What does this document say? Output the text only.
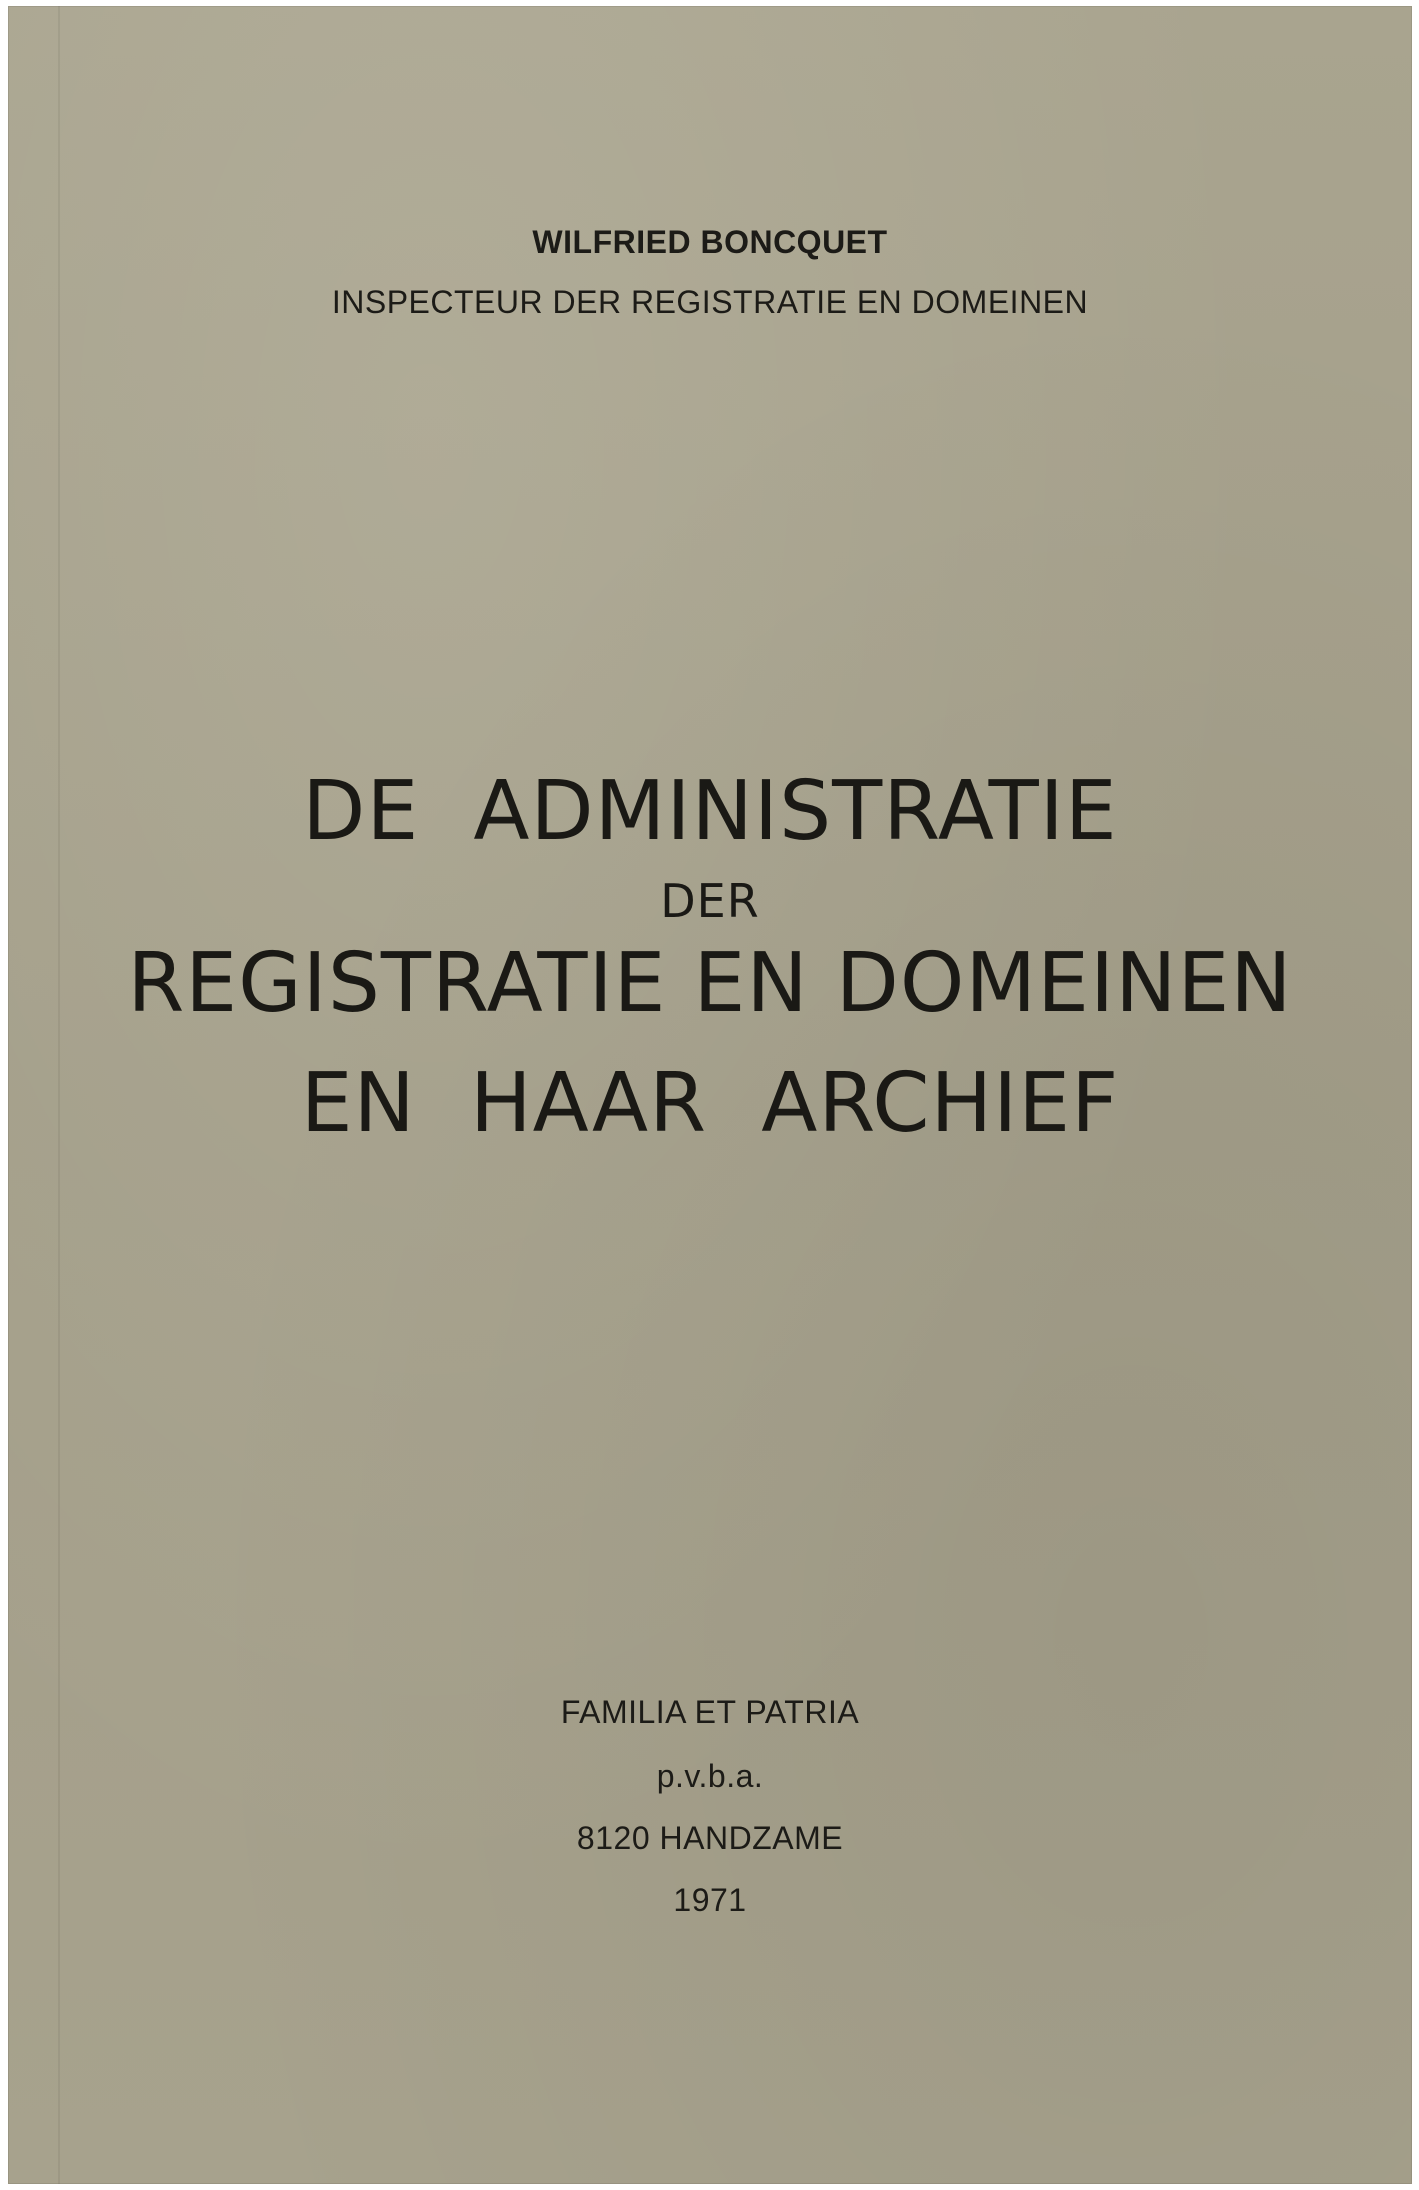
WILFRIED BONCQUET
INSPECTEUR DER REGISTRATIE EN DOMEINEN
DE  ADMINISTRATIE
DER
REGISTRATIE EN DOMEINEN
EN  HAAR  ARCHIEF
FAMILIA ET PATRIA
p.v.b.a.
8120 HANDZAME
1971
